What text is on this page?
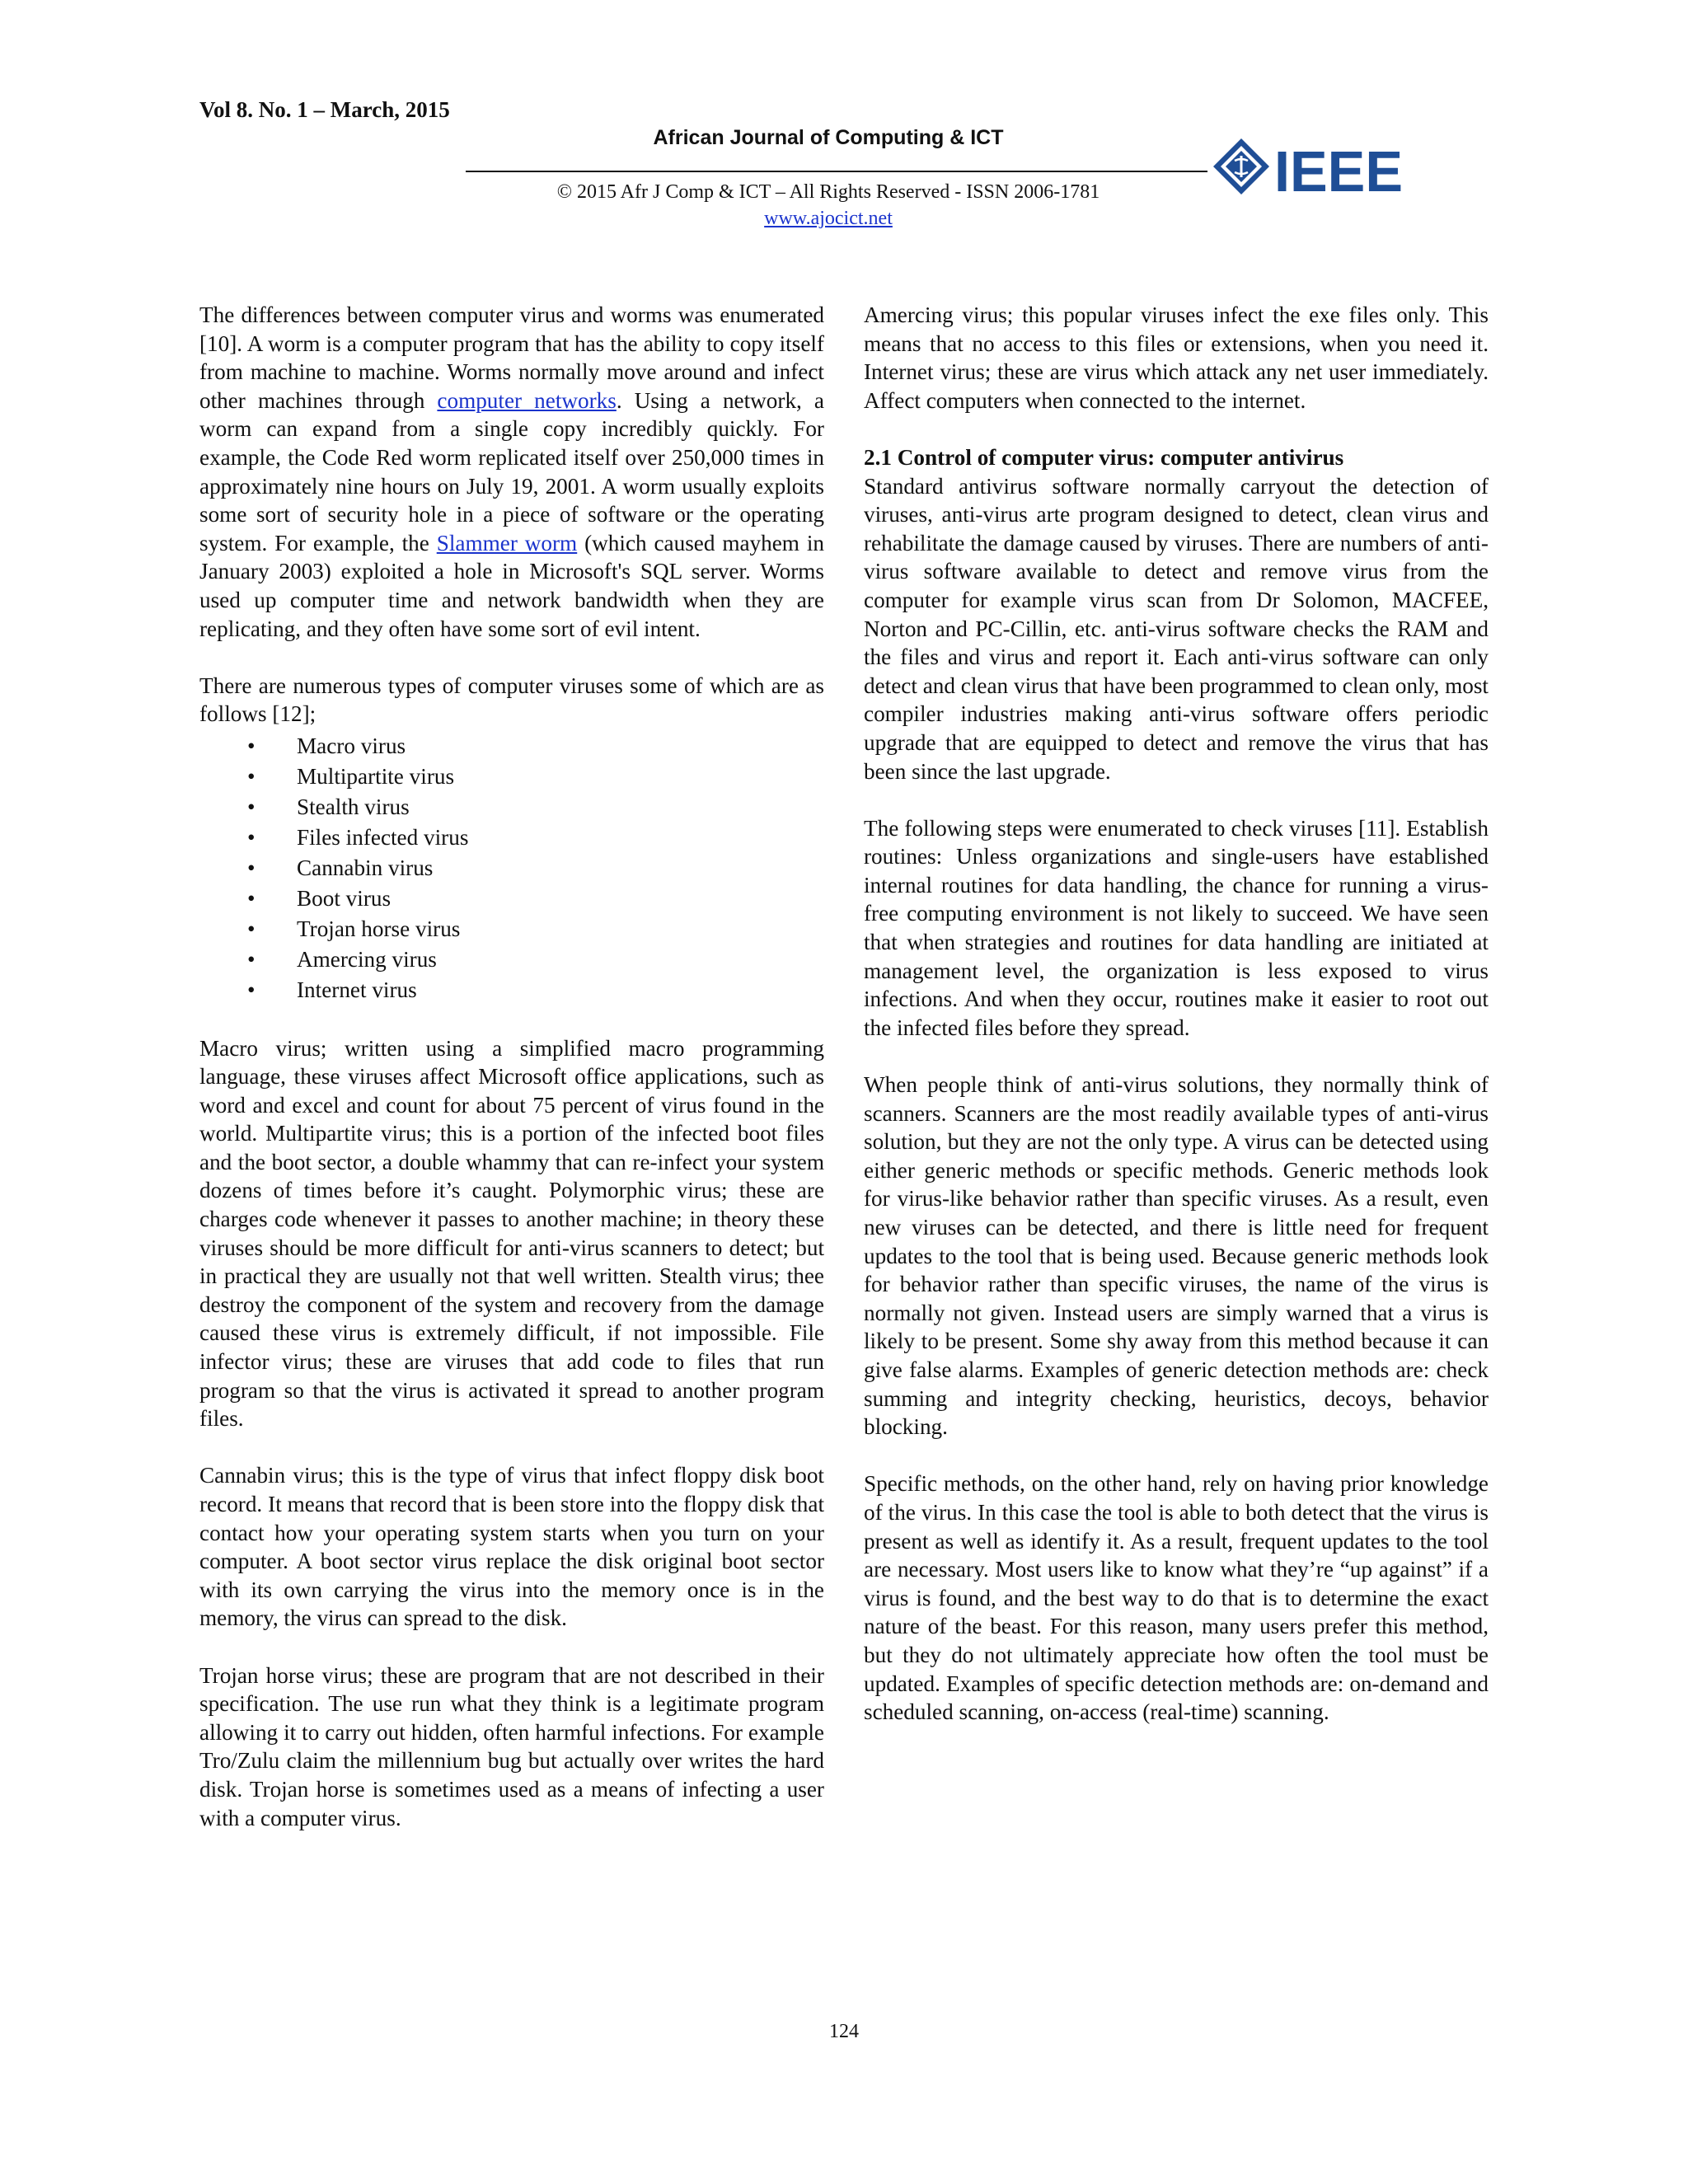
Vol 8. No. 1 – March, 2015
African Journal of Computing & ICT
© 2015 Afr J Comp & ICT – All Rights Reserved - ISSN 2006-1781
www.ajocict.net
IEEE

The differences between computer virus and worms was enumerated [10]. A worm is a computer program that has the ability to copy itself from machine to machine. Worms normally move around and infect other machines through computer networks. Using a network, a worm can expand from a single copy incredibly quickly. For example, the Code Red worm replicated itself over 250,000 times in approximately nine hours on July 19, 2001. A worm usually exploits some sort of security hole in a piece of software or the operating system. For example, the Slammer worm (which caused mayhem in January 2003) exploited a hole in Microsoft's SQL server. Worms used up computer time and network bandwidth when they are replicating, and they often have some sort of evil intent.

There are numerous types of computer viruses some of which are as follows [12];

• Macro virus
• Multipartite virus
• Stealth virus
• Files infected virus
• Cannabin virus
• Boot virus
• Trojan horse virus
• Amercing virus
• Internet virus

Macro virus; written using a simplified macro programming language, these viruses affect Microsoft office applications, such as word and excel and count for about 75 percent of virus found in the world. Multipartite virus; this is a portion of the infected boot files and the boot sector, a double whammy that can re-infect your system dozens of times before it’s caught. Polymorphic virus; these are charges code whenever it passes to another machine; in theory these viruses should be more difficult for anti-virus scanners to detect; but in practical they are usually not that well written. Stealth virus; thee destroy the component of the system and recovery from the damage caused these virus is extremely difficult, if not impossible. File infector virus; these are viruses that add code to files that run program so that the virus is activated it spread to another program files.

Cannabin virus; this is the type of virus that infect floppy disk boot record. It means that record that is been store into the floppy disk that contact how your operating system starts when you turn on your computer. A boot sector virus replace the disk original boot sector with its own carrying the virus into the memory once is in the memory, the virus can spread to the disk.

Trojan horse virus; these are program that are not described in their specification. The use run what they think is a legitimate program allowing it to carry out hidden, often harmful infections. For example Tro/Zulu claim the millennium bug but actually over writes the hard disk. Trojan horse is sometimes used as a means of infecting a user with a computer virus.

Amercing virus; this popular viruses infect the exe files only. This means that no access to this files or extensions, when you need it. Internet virus; these are virus which attack any net user immediately. Affect computers when connected to the internet.

2.1 Control of computer virus: computer antivirus

Standard antivirus software normally carryout the detection of viruses, anti-virus arte program designed to detect, clean virus and rehabilitate the damage caused by viruses. There are numbers of anti-virus software available to detect and remove virus from the computer for example virus scan from Dr Solomon, MACFEE, Norton and PC-Cillin, etc. anti-virus software checks the RAM and the files and virus and report it. Each anti-virus software can only detect and clean virus that have been programmed to clean only, most compiler industries making anti-virus software offers periodic upgrade that are equipped to detect and remove the virus that has been since the last upgrade.

The following steps were enumerated to check viruses [11]. Establish routines: Unless organizations and single-users have established internal routines for data handling, the chance for running a virus-free computing environment is not likely to succeed. We have seen that when strategies and routines for data handling are initiated at management level, the organization is less exposed to virus infections. And when they occur, routines make it easier to root out the infected files before they spread.

When people think of anti-virus solutions, they normally think of scanners. Scanners are the most readily available types of anti-virus solution, but they are not the only type. A virus can be detected using either generic methods or specific methods. Generic methods look for virus-like behavior rather than specific viruses. As a result, even new viruses can be detected, and there is little need for frequent updates to the tool that is being used. Because generic methods look for behavior rather than specific viruses, the name of the virus is normally not given. Instead users are simply warned that a virus is likely to be present. Some shy away from this method because it can give false alarms. Examples of generic detection methods are: check summing and integrity checking, heuristics, decoys, behavior blocking.

Specific methods, on the other hand, rely on having prior knowledge of the virus. In this case the tool is able to both detect that the virus is present as well as identify it. As a result, frequent updates to the tool are necessary. Most users like to know what they’re “up against” if a virus is found, and the best way to do that is to determine the exact nature of the beast. For this reason, many users prefer this method, but they do not ultimately appreciate how often the tool must be updated. Examples of specific detection methods are: on-demand and scheduled scanning, on-access (real-time) scanning.

124
